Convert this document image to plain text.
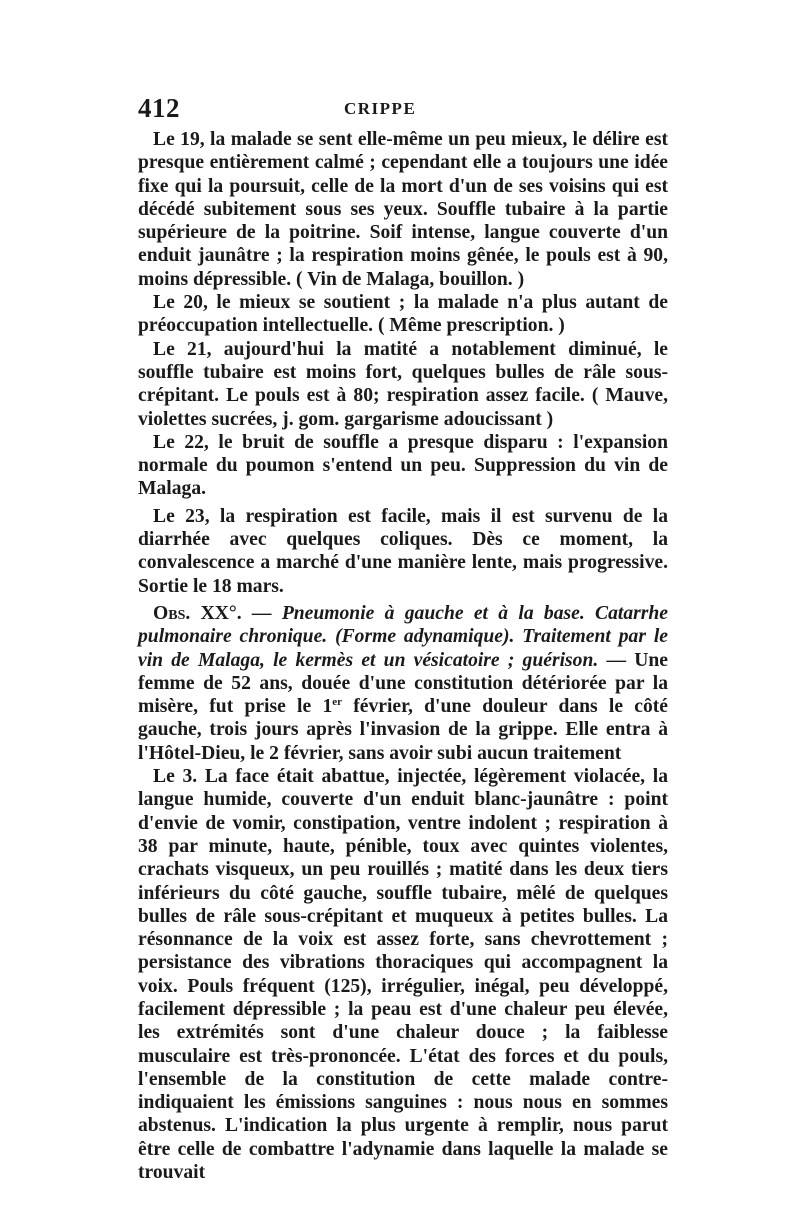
412	CRIPPE

Le 19, la malade se sent elle-même un peu mieux, le délire est presque entièrement calmé ; cependant elle a toujours une idée fixe qui la poursuit, celle de la mort d'un de ses voisins qui est décédé subitement sous ses yeux. Souffle tubaire à la partie supérieure de la poitrine. Soif intense, langue couverte d'un enduit jaunâtre ; la respiration moins gênée, le pouls est à 90, moins dépressible. ( Vin de Malaga, bouillon. )

Le 20, le mieux se soutient ; la malade n'a plus autant de préoccupation intellectuelle. ( Même prescription. )

Le 21, aujourd'hui la matité a notablement diminué, le souffle tubaire est moins fort, quelques bulles de râle sous-crépitant. Le pouls est à 80; respiration assez facile. ( Mauve, violettes sucrées, j. gom. gargarisme adoucissant )

Le 22, le bruit de souffle a presque disparu : l'expansion normale du poumon s'entend un peu. Suppression du vin de Malaga.

Le 23, la respiration est facile, mais il est survenu de la diarrhée avec quelques coliques. Dès ce moment, la convalescence a marché d'une manière lente, mais progressive. Sortie le 18 mars.

Obs. XX°. — Pneumonie à gauche et à la base. Catarrhe pulmonaire chronique. (Forme adynamique). Traitement par le vin de Malaga, le kermès et un vésicatoire ; guérison. — Une femme de 52 ans, douée d'une constitution détériorée par la misère, fut prise le 1er février, d'une douleur dans le côté gauche, trois jours après l'invasion de la grippe. Elle entra à l'Hôtel-Dieu, le 2 février, sans avoir subi aucun traitement

Le 3. La face était abattue, injectée, légèrement violacée, la langue humide, couverte d'un enduit blanc-jaunâtre : point d'envie de vomir, constipation, ventre indolent ; respiration à 38 par minute, haute, pénible, toux avec quintes violentes, crachats visqueux, un peu rouillés ; matité dans les deux tiers inférieurs du côté gauche, souffle tubaire, mêlé de quelques bulles de râle sous-crépitant et muqueux à petites bulles. La résonnance de la voix est assez forte, sans chevrottement ; persistance des vibrations thoraciques qui accompagnent la voix. Pouls fréquent (125), irrégulier, inégal, peu développé, facilement dépressible ; la peau est d'une chaleur peu élevée, les extrémités sont d'une chaleur douce ; la faiblesse musculaire est très-prononcée. L'état des forces et du pouls, l'ensemble de la constitution de cette malade contre-indiquaient les émissions sanguines : nous nous en sommes abstenus. L'indication la plus urgente à remplir, nous parut être celle de combattre l'adynamie dans laquelle la malade se trouvait
